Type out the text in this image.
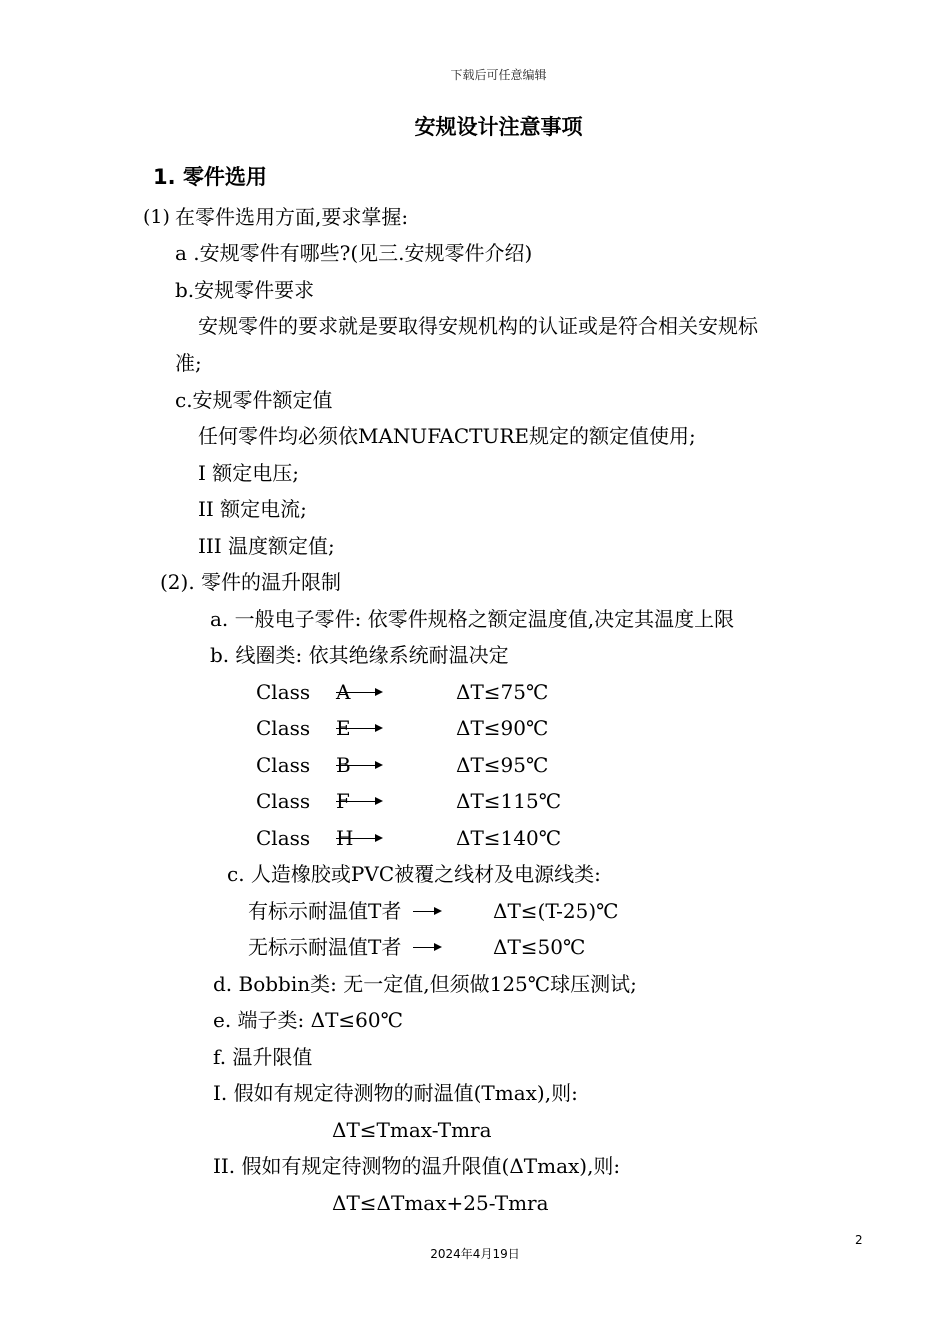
下载后可任意编辑
安规设计注意事项
1. 零件选用
(1) 在零件选用方面,要求掌握:
a .安规零件有哪些?(见三.安规零件介绍)
b.安规零件要求
安规零件的要求就是要取得安规机构的认证或是符合相关安规标
准;
c.安规零件额定值
任何零件均必须依MANUFACTURE规定的额定值使用;
I 额定电压;
II 额定电流;
III 温度额定值;
(2). 零件的温升限制
a. 一般电子零件: 依零件规格之额定温度值,决定其温度上限
b. 线圈类: 依其绝缘系统耐温决定
Class A	ΔT≤75℃
Class E	ΔT≤90℃
Class B	ΔT≤95℃
Class F	ΔT≤115℃
Class H	ΔT≤140℃
c. 人造橡胶或PVC被覆之线材及电源线类:
有标示耐温值T者	ΔT≤(T-25)℃
无标示耐温值T者	ΔT≤50℃
d. Bobbin类: 无一定值,但须做125℃球压测试;
e. 端子类: ΔT≤60℃
f. 温升限值
I. 假如有规定待测物的耐温值(Tmax),则:
ΔT≤Tmax-Tmra
II. 假如有规定待测物的温升限值(ΔTmax),则:
ΔT≤ΔTmax+25-Tmra
2
2024年4月19日
